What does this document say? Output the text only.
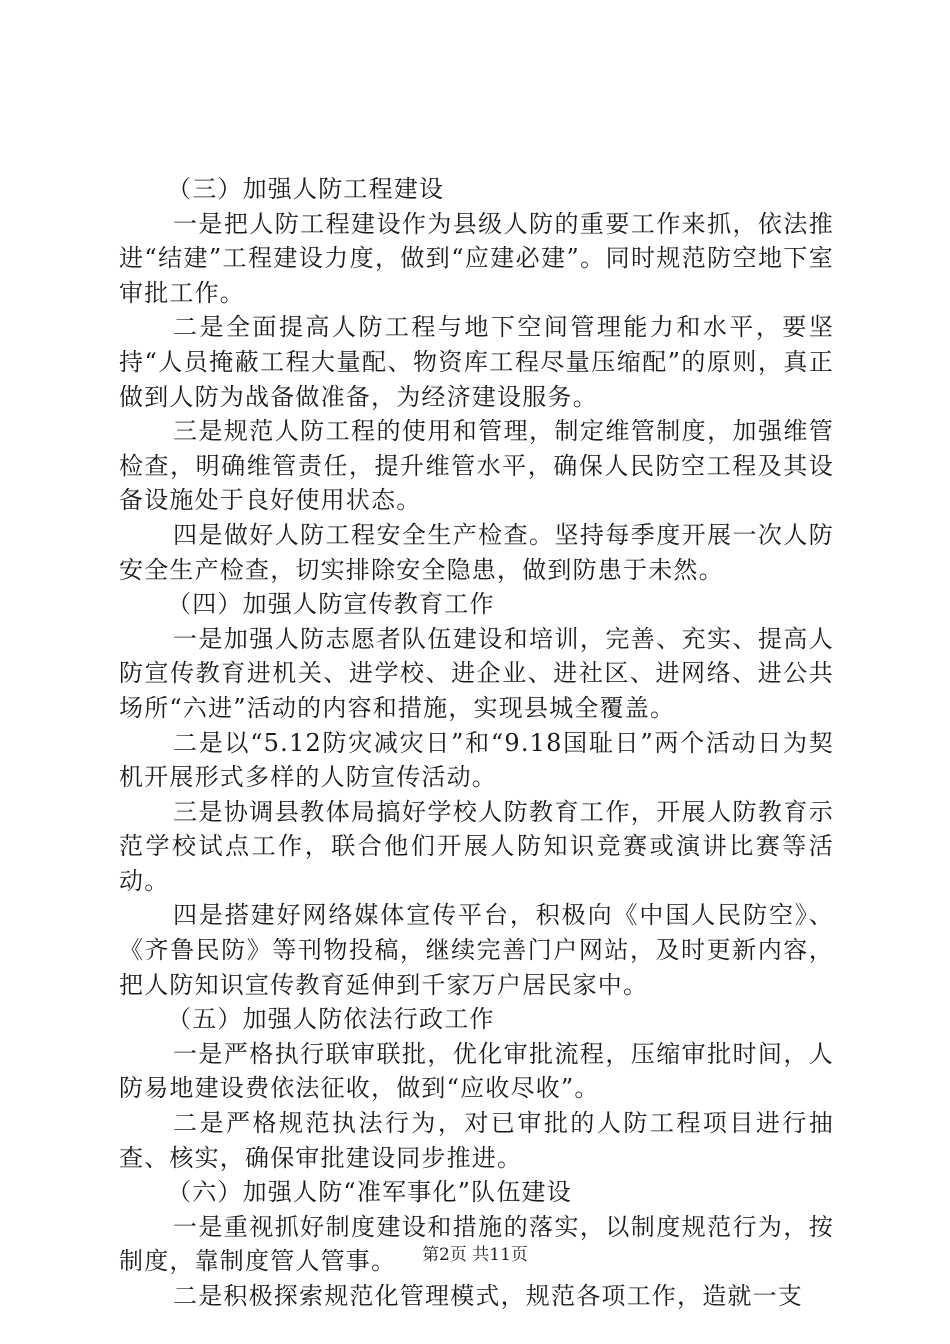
（三）加强人防工程建设

一是把人防工程建设作为县级人防的重要工作来抓，依法推进“结建”工程建设力度，做到“应建必建”。同时规范防空地下室审批工作。

二是全面提高人防工程与地下空间管理能力和水平，要坚持“人员掩蔽工程大量配、物资库工程尽量压缩配”的原则，真正做到人防为战备做准备，为经济建设服务。

三是规范人防工程的使用和管理，制定维管制度，加强维管检查，明确维管责任，提升维管水平，确保人民防空工程及其设备设施处于良好使用状态。

四是做好人防工程安全生产检查。坚持每季度开展一次人防安全生产检查，切实排除安全隐患，做到防患于未然。

（四）加强人防宣传教育工作

一是加强人防志愿者队伍建设和培训，完善、充实、提高人防宣传教育进机关、进学校、进企业、进社区、进网络、进公共场所“六进”活动的内容和措施，实现县城全覆盖。

二是以“5.12防灾减灾日”和“9.18国耻日”两个活动日为契机开展形式多样的人防宣传活动。

三是协调县教体局搞好学校人防教育工作，开展人防教育示范学校试点工作，联合他们开展人防知识竞赛或演讲比赛等活动。

四是搭建好网络媒体宣传平台，积极向《中国人民防空》、《齐鲁民防》等刊物投稿，继续完善门户网站，及时更新内容，把人防知识宣传教育延伸到千家万户居民家中。

（五）加强人防依法行政工作

一是严格执行联审联批，优化审批流程，压缩审批时间，人防易地建设费依法征收，做到“应收尽收”。

二是严格规范执法行为，对已审批的人防工程项目进行抽查、核实，确保审批建设同步推进。

（六）加强人防“准军事化”队伍建设

一是重视抓好制度建设和措施的落实，以制度规范行为，按制度，靠制度管人管事。

二是积极探索规范化管理模式，规范各项工作，造就一支

第2页 共11页
